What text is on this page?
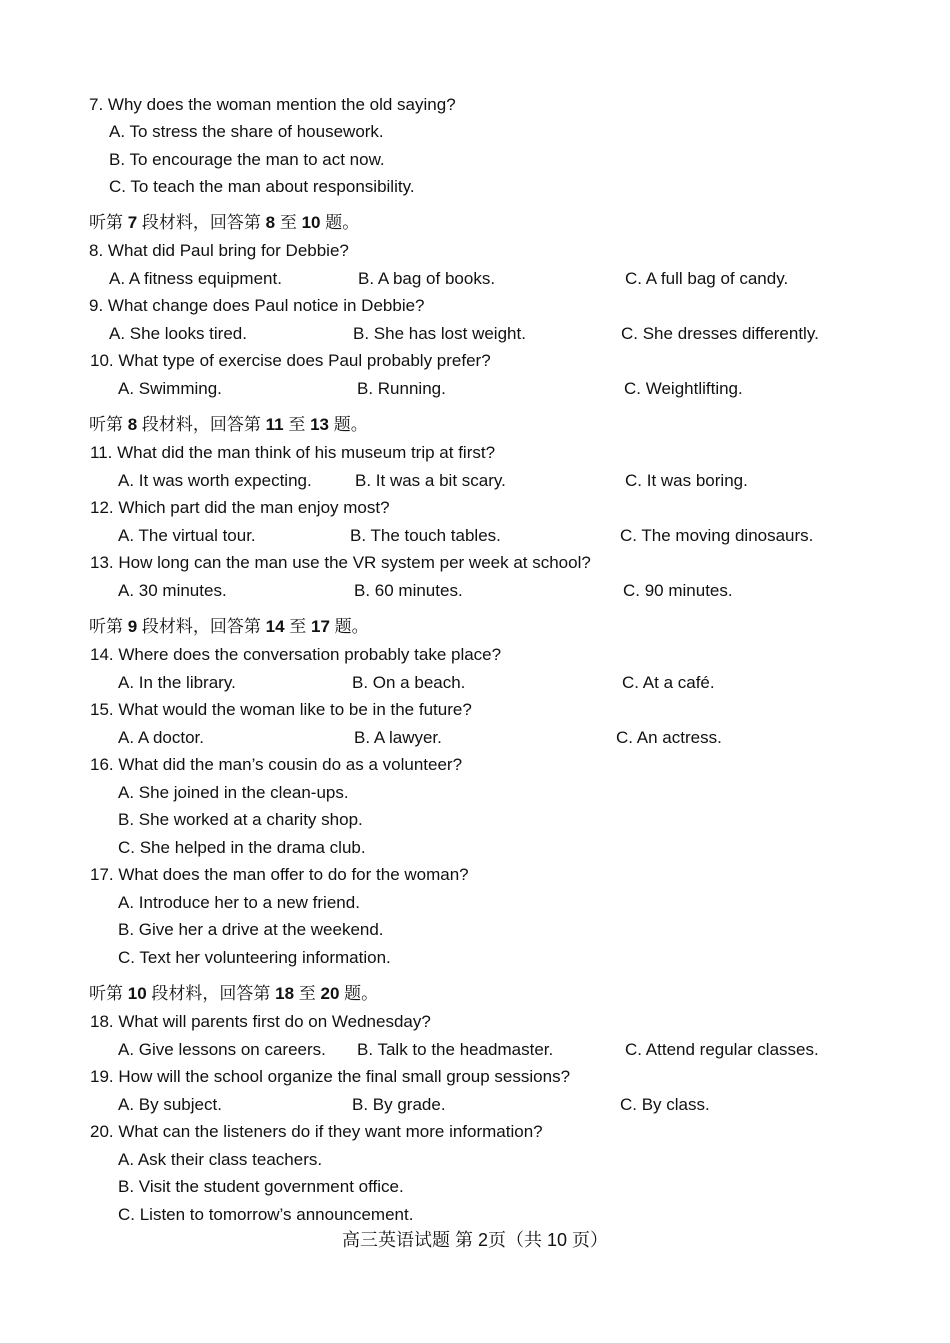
7. Why does the woman mention the old saying?
A. To stress the share of housework.
B. To encourage the man to act now.
C. To teach the man about responsibility.
听第 7 段材料，回答第 8 至 10 题。
8. What did Paul bring for Debbie?
A. A fitness equipment.	B. A bag of books.	C. A full bag of candy.
9. What change does Paul notice in Debbie?
A. She looks tired.	B. She has lost weight.	C. She dresses differently.
10. What type of exercise does Paul probably prefer?
A. Swimming.	B. Running.	C. Weightlifting.
听第 8 段材料，回答第 11 至 13 题。
11. What did the man think of his museum trip at first?
A. It was worth expecting.	B. It was a bit scary.	C. It was boring.
12. Which part did the man enjoy most?
A. The virtual tour.	B. The touch tables.	C. The moving dinosaurs.
13. How long can the man use the VR system per week at school?
A. 30 minutes.	B. 60 minutes.	C. 90 minutes.
听第 9 段材料，回答第 14 至 17 题。
14. Where does the conversation probably take place?
A. In the library.	B. On a beach.	C. At a café.
15. What would the woman like to be in the future?
A. A doctor.	B. A lawyer.	C. An actress.
16. What did the man’s cousin do as a volunteer?
A. She joined in the clean-ups.
B. She worked at a charity shop.
C. She helped in the drama club.
17. What does the man offer to do for the woman?
A. Introduce her to a new friend.
B. Give her a drive at the weekend.
C. Text her volunteering information.
听第 10 段材料，回答第 18 至 20 题。
18. What will parents first do on Wednesday?
A. Give lessons on careers. B. Talk to the headmaster.	C. Attend regular classes.
19. How will the school organize the final small group sessions?
A. By subject.	B. By grade.	C. By class.
20. What can the listeners do if they want more information?
A. Ask their class teachers.
B. Visit the student government office.
C. Listen to tomorrow’s announcement.
高三英语试题 第 2页（共 10 页）
